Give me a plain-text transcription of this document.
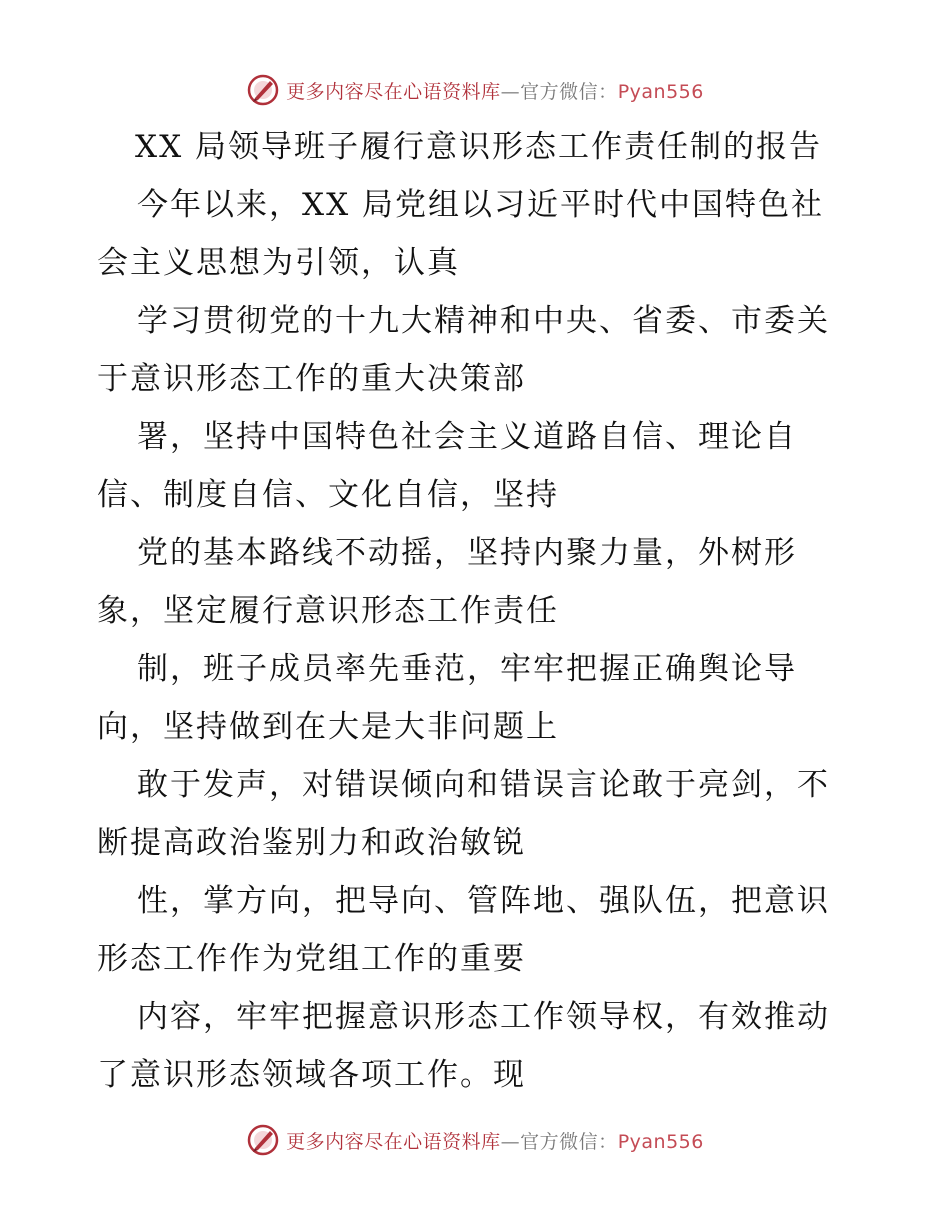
更多内容尽在心语资料库—官方微信：Pyan556
XX 局领导班子履行意识形态工作责任制的报告
今年以来，XX 局党组以习近平时代中国特色社
会主义思想为引领，认真
学习贯彻党的十九大精神和中央、省委、市委关
于意识形态工作的重大决策部
署，坚持中国特色社会主义道路自信、理论自
信、制度自信、文化自信，坚持
党的基本路线不动摇，坚持内聚力量，外树形
象，坚定履行意识形态工作责任
制，班子成员率先垂范，牢牢把握正确舆论导
向，坚持做到在大是大非问题上
敢于发声，对错误倾向和错误言论敢于亮剑，不
断提高政治鉴别力和政治敏锐
性，掌方向，把导向、管阵地、强队伍，把意识
形态工作作为党组工作的重要
内容，牢牢把握意识形态工作领导权，有效推动
了意识形态领域各项工作。现
更多内容尽在心语资料库—官方微信：Pyan556
